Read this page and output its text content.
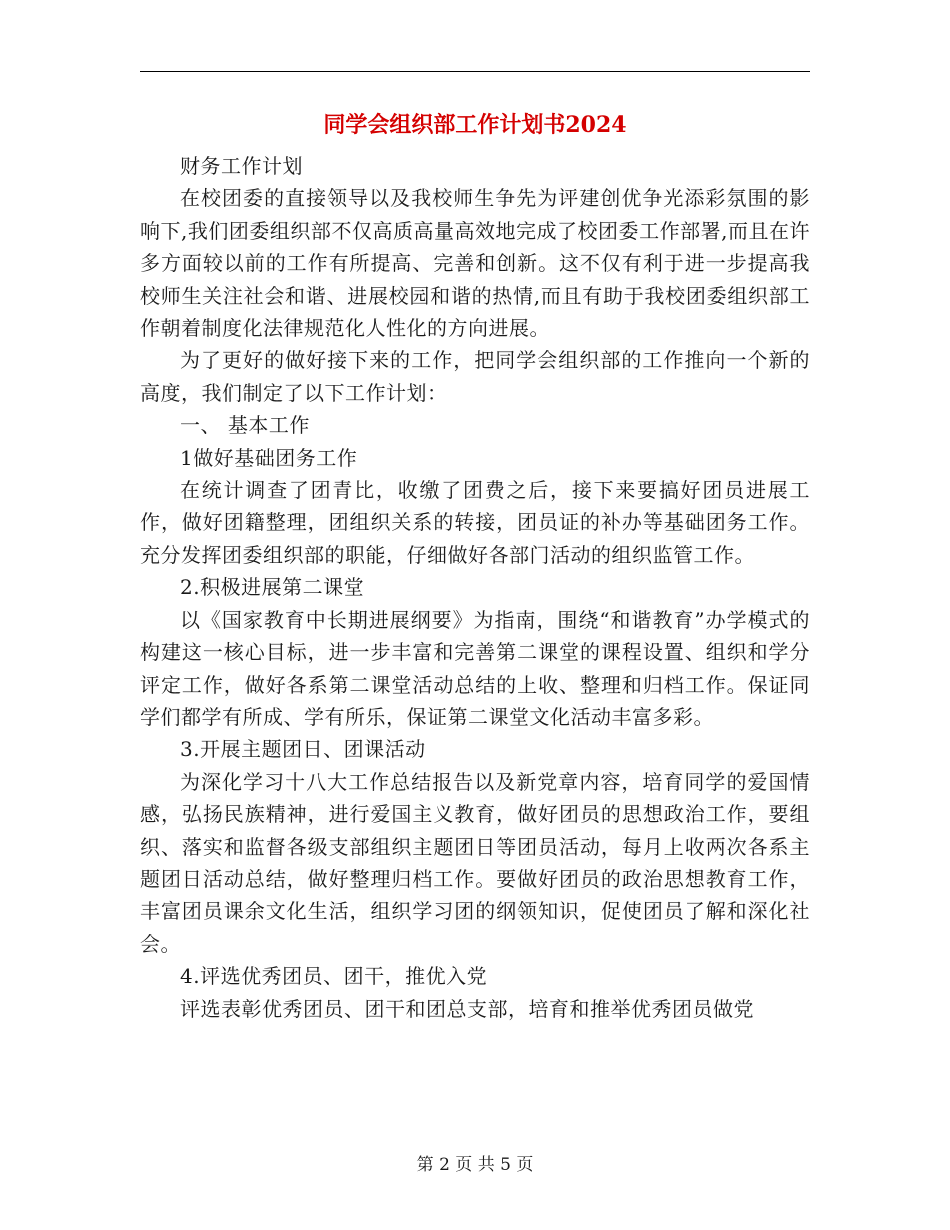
同学会组织部工作计划书2024

财务工作计划

在校团委的直接领导以及我校师生争先为评建创优争光添彩氛围的影响下,我们团委组织部不仅高质高量高效地完成了校团委工作部署,而且在许多方面较以前的工作有所提高、完善和创新。这不仅有利于进一步提高我校师生关注社会和谐、进展校园和谐的热情,而且有助于我校团委组织部工作朝着制度化法律规范化人性化的方向进展。

为了更好的做好接下来的工作，把同学会组织部的工作推向一个新的高度，我们制定了以下工作计划：

一、 基本工作

1做好基础团务工作

在统计调查了团青比，收缴了团费之后，接下来要搞好团员进展工作，做好团籍整理，团组织关系的转接，团员证的补办等基础团务工作。充分发挥团委组织部的职能，仔细做好各部门活动的组织监管工作。

2.积极进展第二课堂

以《国家教育中长期进展纲要》为指南，围绕“和谐教育”办学模式的构建这一核心目标，进一步丰富和完善第二课堂的课程设置、组织和学分评定工作，做好各系第二课堂活动总结的上收、整理和归档工作。保证同学们都学有所成、学有所乐，保证第二课堂文化活动丰富多彩。

3.开展主题团日、团课活动

为深化学习十八大工作总结报告以及新党章内容，培育同学的爱国情感，弘扬民族精神，进行爱国主义教育，做好团员的思想政治工作，要组织、落实和监督各级支部组织主题团日等团员活动，每月上收两次各系主题团日活动总结，做好整理归档工作。要做好团员的政治思想教育工作，丰富团员课余文化生活，组织学习团的纲领知识，促使团员了解和深化社会。

4.评选优秀团员、团干，推优入党

评选表彰优秀团员、团干和团总支部，培育和推举优秀团员做党

第 2 页 共 5 页
